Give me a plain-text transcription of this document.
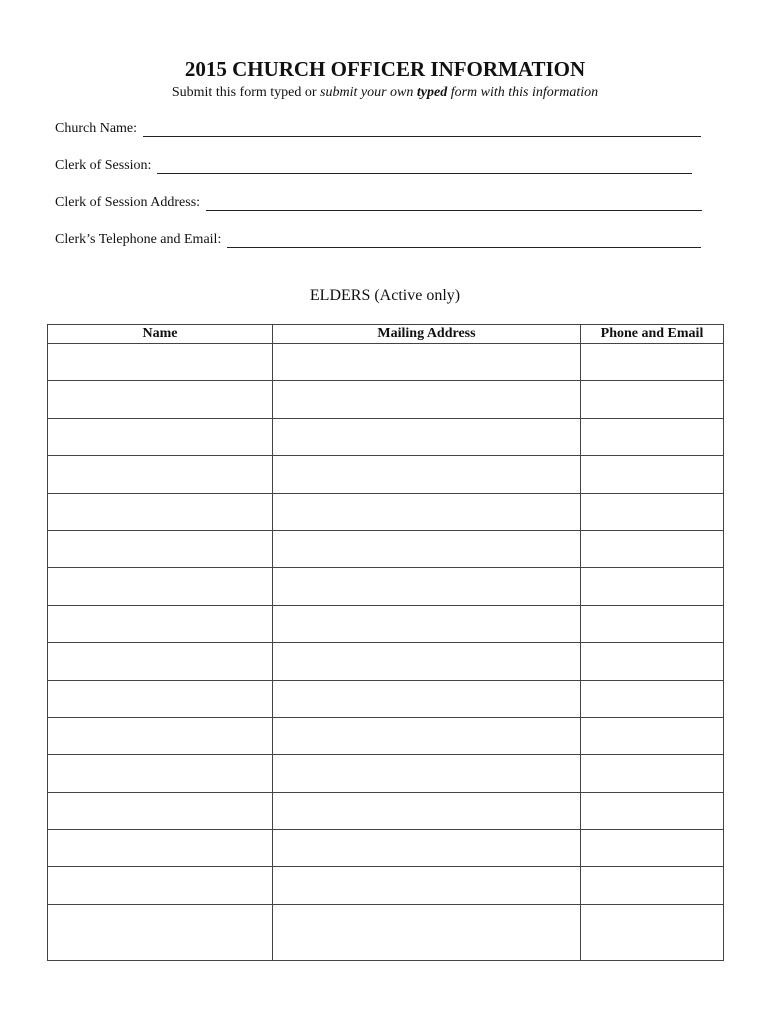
2015 CHURCH OFFICER INFORMATION
Submit this form typed or submit your own typed form with this information
Church Name:
Clerk of Session:
Clerk of Session Address:
Clerk’s Telephone and Email:
ELDERS (Active only)
Name	Mailing Address	Phone and Email
